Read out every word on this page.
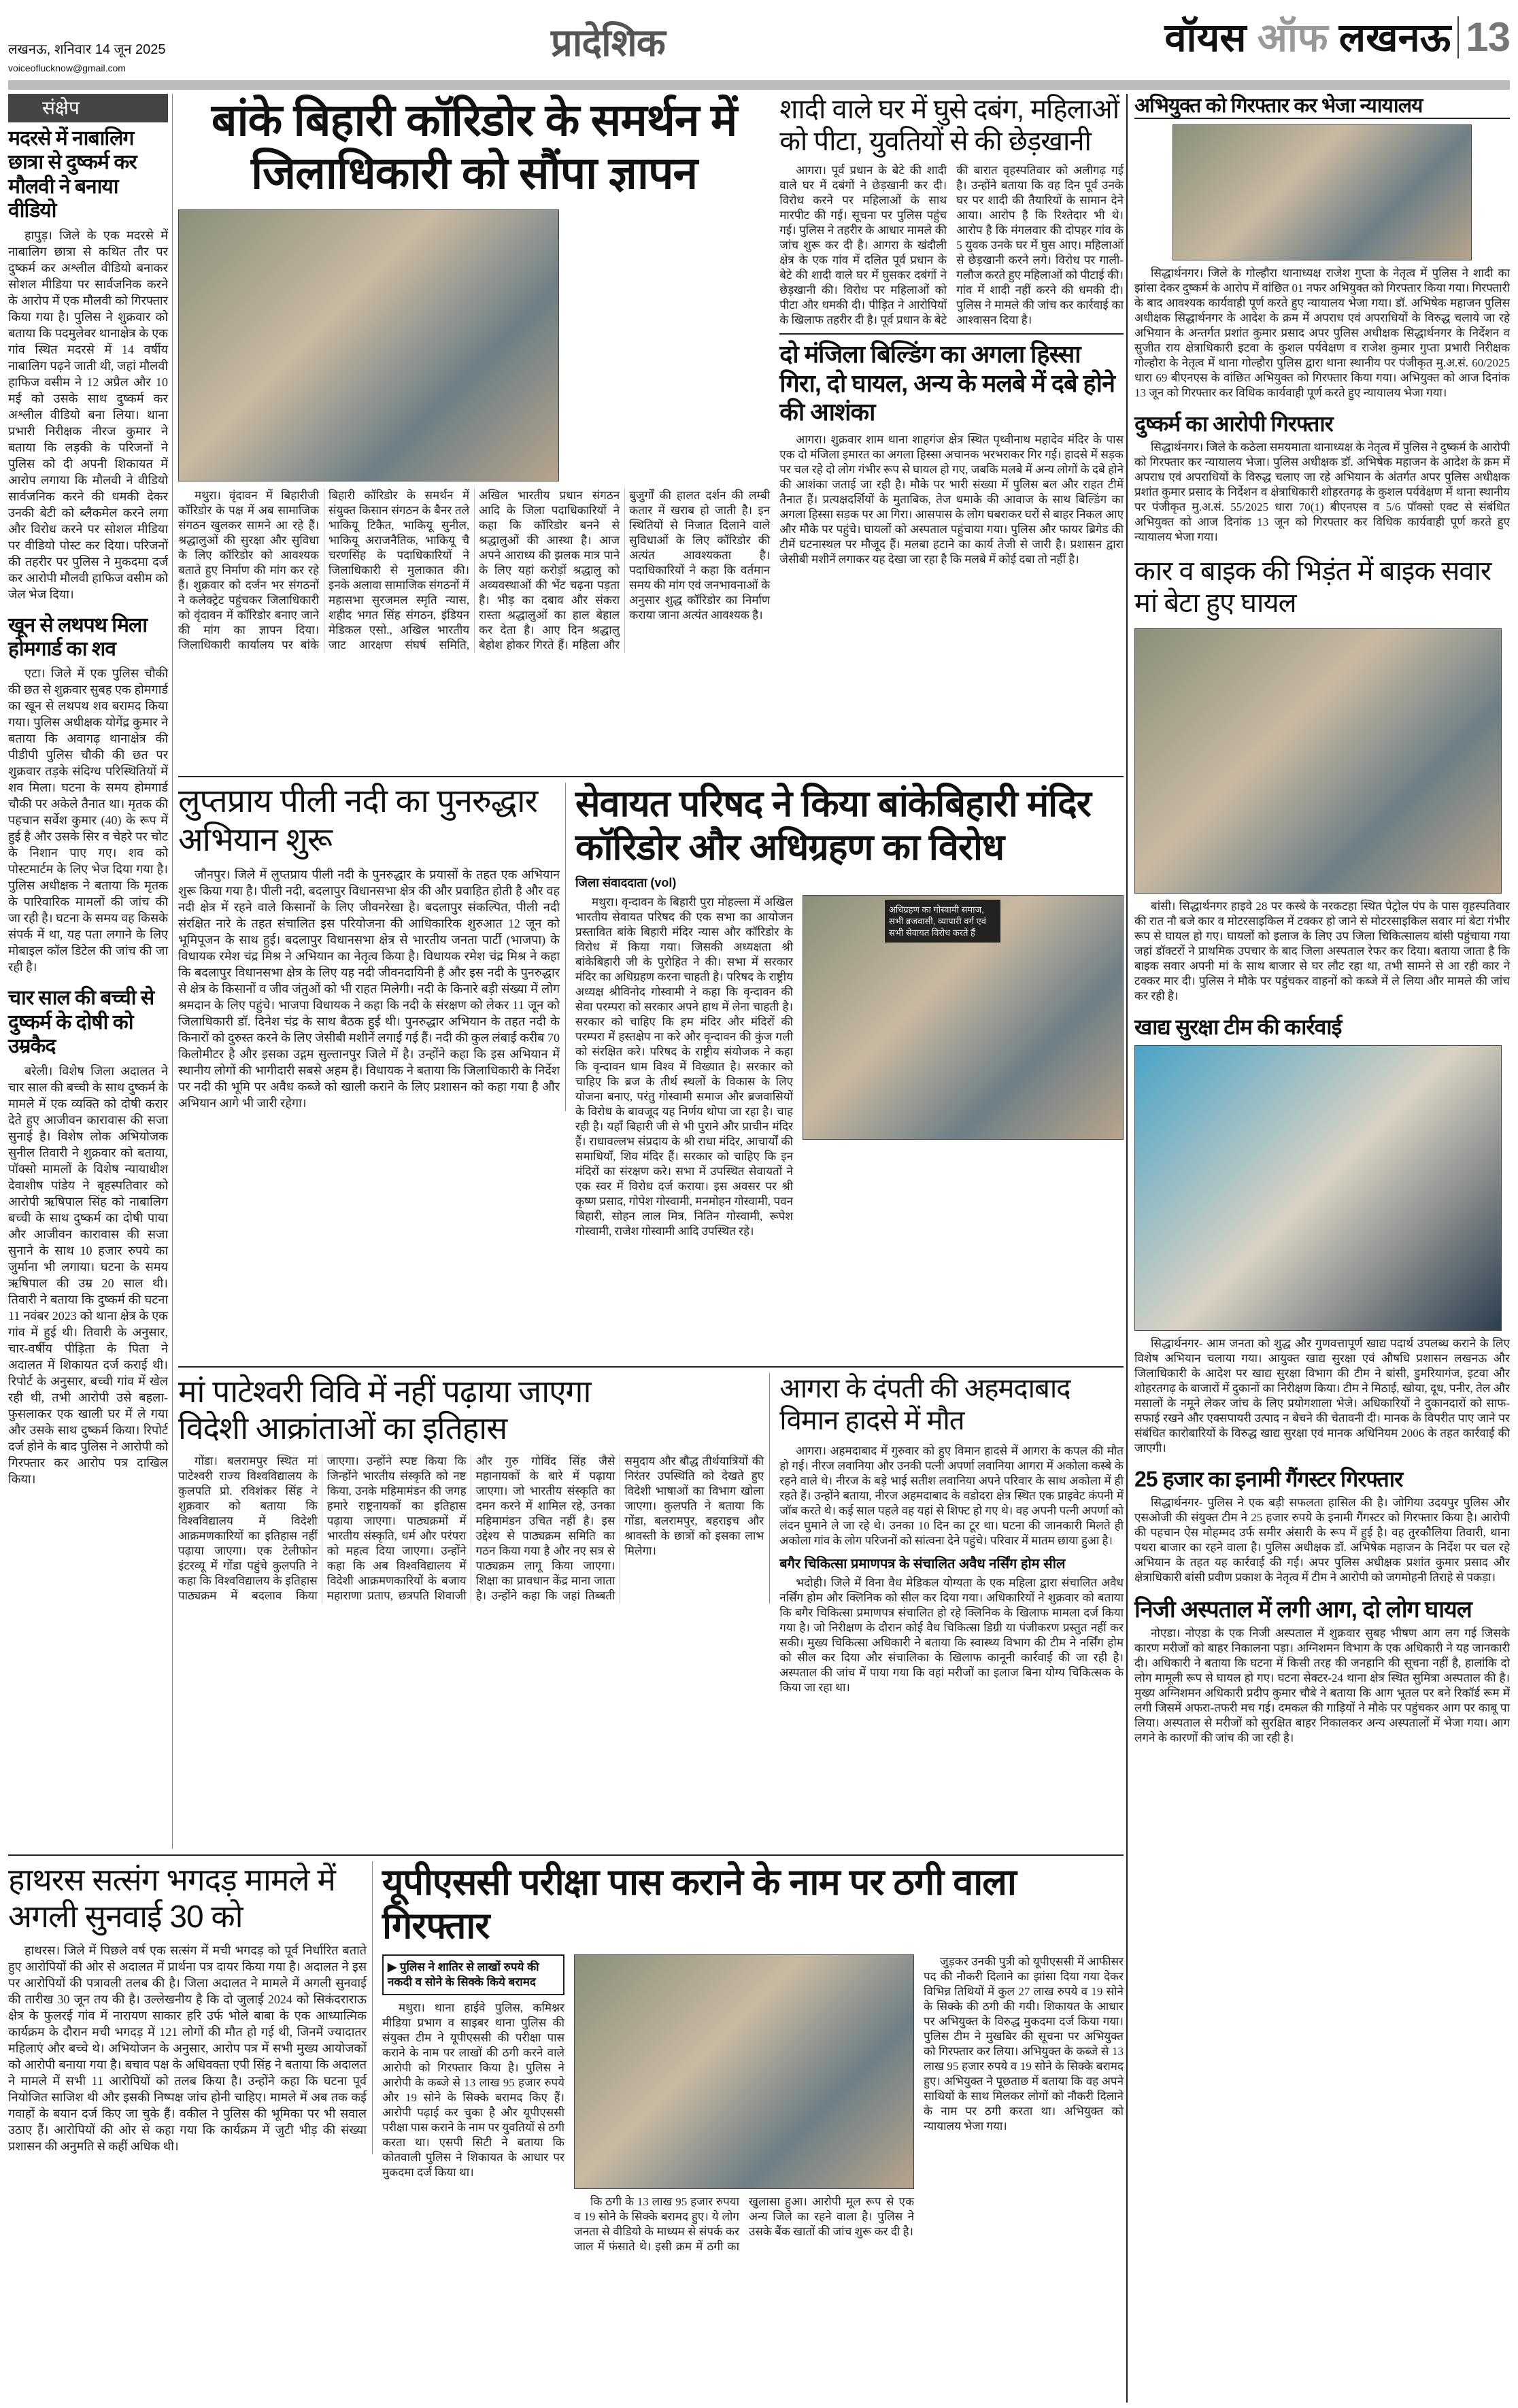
लखनऊ, शनिवार 14 जून 2025
voiceoflucknow@gmail.com
प्रादेशिक	वॉयस ऑफ लखनऊ 13
संक्षेप
मदरसे में नाबालिग छात्रा से दुष्कर्म कर मौलवी ने बनाया वीडियो

हापुड़। जिले के एक मदरसे में नाबालिग छात्रा से कथित तौर पर दुष्कर्म कर अश्लील वीडियो बनाकर सोशल मीडिया पर सार्वजनिक करने के आरोप में एक मौलवी को गिरफ्तार किया गया है। पुलिस ने शुक्रवार को बताया कि पदमुलेवर थानाक्षेत्र के एक गांव स्थित मदरसे में 14 वर्षीय नाबालिग पढ़ने जाती थी, जहां मौलवी हाफिज वसीम ने 12 अप्रैल और 10 मई को उसके साथ दुष्कर्म कर अश्लील वीडियो बना लिया। थाना प्रभारी निरीक्षक नीरज कुमार ने बताया कि लड़की के परिजनों ने पुलिस को दी अपनी शिकायत में आरोप लगाया कि मौलवी ने वीडियो सार्वजनिक करने की धमकी देकर उनकी बेटी को ब्लैकमेल करने लगा और विरोध करने पर सोशल मीडिया पर वीडियो पोस्ट कर दिया। परिजनों की तहरीर पर पुलिस ने मुकदमा दर्ज कर आरोपी मौलवी हाफिज वसीम को जेल भेज दिया।

खून से लथपथ मिला होमगार्ड का शव

एटा। जिले में एक पुलिस चौकी की छत से शुक्रवार सुबह एक होमगार्ड का खून से लथपथ शव बरामद किया गया। पुलिस अधीक्षक योगेंद्र कुमार ने बताया कि अवागढ़ थानाक्षेत्र की पीडीपी पुलिस चौकी की छत पर शुक्रवार तड़के संदिग्ध परिस्थितियों में शव मिला। घटना के समय होमगार्ड चौकी पर अकेले तैनात था। मृतक की पहचान सर्वेश कुमार (40) के रूप में हुई है और उसके सिर व चेहरे पर चोट के निशान पाए गए। शव को पोस्टमार्टम के लिए भेज दिया गया है। पुलिस अधीक्षक ने बताया कि मृतक के पारिवारिक मामलों की जांच की जा रही है। घटना के समय वह किसके संपर्क में था, यह पता लगाने के लिए मोबाइल कॉल डिटेल की जांच की जा रही है।

चार साल की बच्ची से दुष्कर्म के दोषी को उम्रकैद

बरेली। विशेष जिला अदालत ने चार साल की बच्ची के साथ दुष्कर्म के मामले में एक व्यक्ति को दोषी करार देते हुए आजीवन कारावास की सजा सुनाई है। विशेष लोक अभियोजक सुनील तिवारी ने शुक्रवार को बताया, पॉक्सो मामलों के विशेष न्यायाधीश देवाशीष पांडेय ने बृहस्पतिवार को आरोपी ऋषिपाल सिंह को नाबालिग बच्ची के साथ दुष्कर्म का दोषी पाया और आजीवन कारावास की सजा सुनाने के साथ 10 हजार रुपये का जुर्माना भी लगाया। घटना के समय ऋषिपाल की उम्र 20 साल थी। तिवारी ने बताया कि दुष्कर्म की घटना 11 नवंबर 2023 को थाना क्षेत्र के एक गांव में हुई थी। तिवारी के अनुसार, चार-वर्षीय पीड़िता के पिता ने अदालत में शिकायत दर्ज कराई थी। रिपोर्ट के अनुसार, बच्ची गांव में खेल रही थी, तभी आरोपी उसे बहला-फुसलाकर एक खाली घर में ले गया और उसके साथ दुष्कर्म किया। रिपोर्ट दर्ज होने के बाद पुलिस ने आरोपी को गिरफ्तार कर आरोप पत्र दाखिल किया।

बांके बिहारी कॉरिडोर के समर्थन में जिलाधिकारी को सौंपा ज्ञापन

मथुरा। वृंदावन में बिहारीजी कॉरिडोर के पक्ष में अब सामाजिक संगठन खुलकर सामने आ रहे हैं। श्रद्धालुओं की सुरक्षा और सुविधा के लिए कॉरिडोर को आवश्यक बताते हुए निर्माण की मांग कर रहे हैं। शुक्रवार को दर्जन भर संगठनों ने कलेक्ट्रेट पहुंचकर जिलाधिकारी को वृंदावन में कॉरिडोर बनाए जाने की मांग का ज्ञापन दिया। जिलाधिकारी कार्यालय पर बांके बिहारी कॉरिडोर के समर्थन में संयुक्त किसान संगठन के बैनर तले भाकियू टिकैत, भाकियू सुनील, भाकियू अराजनैतिक, भाकियू चै चरणसिंह के पदाधिकारियों ने जिलाधिकारी से मुलाकात की। इनके अलावा सामाजिक संगठनों में महासभा सुरजमल स्मृति न्यास, शहीद भगत सिंह संगठन, इंडियन मेडिकल एसो., अखिल भारतीय जाट आरक्षण संघर्ष समिति, अखिल भारतीय प्रधान संगठन आदि के जिला पदाधिकारियों ने कहा कि कॉरिडोर बनने से श्रद्धालुओं की आस्था है। आज अपने आराध्य की झलक मात्र पाने के लिए यहां करोड़ों श्रद्धालु को अव्यवस्थाओं की भेंट चढ़ना पड़ता है। भीड़ का दबाव और संकरा रास्ता श्रद्धालुओं का हाल बेहाल कर देता है। आए दिन श्रद्धालु बेहोश होकर गिरते हैं। महिला और बुजुर्गों की हालत दर्शन की लम्बी कतार में खराब हो जाती है। इन स्थितियों से निजात दिलाने वाले सुविधाओं के लिए कॉरिडोर की अत्यंत आवश्यकता है। पदाधिकारियों ने कहा कि वर्तमान समय की मांग एवं जनभावनाओं के अनुसार शुद्ध कॉरिडोर का निर्माण कराया जाना अत्यंत आवश्यक है।

शादी वाले घर में घुसे दबंग, महिलाओं को पीटा, युवतियों से की छेड़खानी

आगरा। पूर्व प्रधान के बेटे की शादी वाले घर में दबंगों ने छेड़खानी कर दी। विरोध करने पर महिलाओं के साथ मारपीट की गई। सूचना पर पुलिस पहुंच गई। पुलिस ने तहरीर के आधार मामले की जांच शुरू कर दी है। आगरा के खंदौली क्षेत्र के एक गांव में दलित पूर्व प्रधान के बेटे की शादी वाले घर में घुसकर दबंगों ने छेड़खानी की। विरोध पर महिलाओं को पीटा और धमकी दी। पीड़ित ने आरोपियों के खिलाफ तहरीर दी है। पूर्व प्रधान के बेटे की बारात वृहस्पतिवार को अलीगढ़ गई है। उन्होंने बताया कि वह दिन पूर्व उनके घर पर शादी की तैयारियों के सामान देने आया। आरोप है कि रिश्तेदार भी थे। आरोप है कि मंगलवार की दोपहर गांव के 5 युवक उनके घर में घुस आए। महिलाओं से छेड़खानी करने लगे। विरोध पर गाली-गलौज करते हुए महिलाओं को पीटाई की। गांव में शादी नहीं करने की धमकी दी। पुलिस ने मामले की जांच कर कार्रवाई का आश्वासन दिया है।

दो मंजिला बिल्डिंग का अगला हिस्सा गिरा, दो घायल, अन्य के मलबे में दबे होने की आशंका

आगरा। शुक्रवार शाम थाना शाहगंज क्षेत्र स्थित पृथ्वीनाथ महादेव मंदिर के पास एक दो मंजिला इमारत का अगला हिस्सा अचानक भरभराकर गिर गई। हादसे में सड़क पर चल रहे दो लोग गंभीर रूप से घायल हो गए, जबकि मलबे में अन्य लोगों के दबे होने की आशंका जताई जा रही है। मौके पर भारी संख्या में पुलिस बल और राहत टीमें तैनात हैं। प्रत्यक्षदर्शियों के मुताबिक, तेज धमाके की आवाज के साथ बिल्डिंग का अगला हिस्सा सड़क पर आ गिरा। आसपास के लोग घबराकर घरों से बाहर निकल आए और मौके पर पहुंचे। घायलों को अस्पताल पहुंचाया गया। पुलिस और फायर ब्रिगेड की टीमें घटनास्थल पर मौजूद हैं। मलबा हटाने का कार्य तेजी से जारी है। प्रशासन द्वारा जेसीबी मशीनें लगाकर यह देखा जा रहा है कि मलबे में कोई दबा तो नहीं है।

लुप्तप्राय पीली नदी का पुनरुद्धार अभियान शुरू

जौनपुर। जिले में लुप्तप्राय पीली नदी के पुनरुद्धार के प्रयासों के तहत एक अभियान शुरू किया गया है। पीली नदी, बदलापुर विधानसभा क्षेत्र की और प्रवाहित होती है और वह नदी क्षेत्र में रहने वाले किसानों के लिए जीवनरेखा है। बदलापुर संकल्पित, पीली नदी संरक्षित नारे के तहत संचालित इस परियोजना की आधिकारिक शुरुआत 12 जून को भूमिपूजन के साथ हुई। बदलापुर विधानसभा क्षेत्र से भारतीय जनता पार्टी (भाजपा) के विधायक रमेश चंद्र मिश्र ने अभियान का नेतृत्व किया है। विधायक रमेश चंद्र मिश्र ने कहा कि बदलापुर विधानसभा क्षेत्र के लिए यह नदी जीवनदायिनी है और इस नदी के पुनरुद्धार से क्षेत्र के किसानों व जीव जंतुओं को भी राहत मिलेगी। नदी के किनारे बड़ी संख्या में लोग श्रमदान के लिए पहुंचे। भाजपा विधायक ने कहा कि नदी के संरक्षण को लेकर 11 जून को जिलाधिकारी डॉ. दिनेश चंद्र के साथ बैठक हुई थी। पुनरुद्धार अभियान के तहत नदी के किनारों को दुरुस्त करने के लिए जेसीबी मशीनें लगाई गई हैं। नदी की कुल लंबाई करीब 70 किलोमीटर है और इसका उद्गम सुल्तानपुर जिले में है। उन्होंने कहा कि इस अभियान में स्थानीय लोगों की भागीदारी सबसे अहम है। विधायक ने बताया कि जिलाधिकारी के निर्देश पर नदी की भूमि पर अवैध कब्जे को खाली कराने के लिए प्रशासन को कहा गया है और अभियान आगे भी जारी रहेगा।

सेवायत परिषद ने किया बांकेबिहारी मंदिर कॉरिडोर और अधिग्रहण का विरोध
जिला संवाददाता (vol)

मथुरा। वृन्दावन के बिहारी पुरा मोहल्ला में अखिल भारतीय सेवायत परिषद की एक सभा का आयोजन प्रस्तावित बांके बिहारी मंदिर न्यास और कॉरिडोर के विरोध में किया गया। जिसकी अध्यक्षता श्री बांकेबिहारी जी के पुरोहित ने की। सभा में सरकार मंदिर का अधिग्रहण करना चाहती है। परिषद के राष्ट्रीय अध्यक्ष श्रीविनोद गोस्वामी ने कहा कि वृन्दावन की सेवा परम्परा को सरकार अपने हाथ में लेना चाहती है। सरकार को चाहिए कि हम मंदिर और मंदिरों की परम्परा में हस्तक्षेप ना करे और वृन्दावन की कुंज गली को संरक्षित करे। परिषद के राष्ट्रीय संयोजक ने कहा कि वृन्दावन धाम विश्व में विख्यात है। सरकार को चाहिए कि ब्रज के तीर्थ स्थलों के विकास के लिए योजना बनाए, परंतु गोस्वामी समाज और ब्रजवासियों के विरोध के बावजूद यह निर्णय थोपा जा रहा है। चाह रही है। यहाँ बिहारी जी से भी पुराने और प्राचीन मंदिर हैं। राधावल्लभ संप्रदाय के श्री राधा मंदिर, आचार्यों की समाधियाँ, शिव मंदिर हैं। सरकार को चाहिए कि इन मंदिरों का संरक्षण करे। सभा में उपस्थित सेवायतों ने एक स्वर में विरोध दर्ज कराया। इस अवसर पर श्री कृष्ण प्रसाद, गोपेश गोस्वामी, मनमोहन गोस्वामी, पवन बिहारी, सोहन लाल मित्र, नितिन गोस्वामी, रूपेश गोस्वामी, राजेश गोस्वामी आदि उपस्थित रहे।

अधिग्रहण का गोस्वामी समाज, सभी ब्रजवासी, व्यापारी वर्ग एवं सभी सेवायत विरोध करते हैं
मां पाटेश्वरी विवि में नहीं पढ़ाया जाएगा
विदेशी आक्रांताओं का इतिहास

गोंडा। बलरामपुर स्थित मां पाटेश्वरी राज्य विश्वविद्यालय के कुलपति प्रो. रविशंकर सिंह ने शुक्रवार को बताया कि विश्वविद्यालय में विदेशी आक्रमणकारियों का इतिहास नहीं पढ़ाया जाएगा। एक टेलीफोन इंटरव्यू में गोंडा पहुंचे कुलपति ने कहा कि विश्वविद्यालय के इतिहास पाठ्यक्रम में बदलाव किया जाएगा। उन्होंने स्पष्ट किया कि जिन्होंने भारतीय संस्कृति को नष्ट किया, उनके महिमामंडन की जगह हमारे राष्ट्रनायकों का इतिहास पढ़ाया जाएगा। पाठ्यक्रमों में भारतीय संस्कृति, धर्म और परंपरा को महत्व दिया जाएगा। उन्होंने कहा कि अब विश्वविद्यालय में विदेशी आक्रमणकारियों के बजाय महाराणा प्रताप, छत्रपति शिवाजी और गुरु गोविंद सिंह जैसे महानायकों के बारे में पढ़ाया जाएगा। जो भारतीय संस्कृति का दमन करने में शामिल रहे, उनका महिमामंडन उचित नहीं है। इस उद्देश्य से पाठ्यक्रम समिति का गठन किया गया है और नए सत्र से पाठ्यक्रम लागू किया जाएगा। शिक्षा का प्रावधान केंद्र माना जाता है। उन्होंने कहा कि जहां तिब्बती समुदाय और बौद्ध तीर्थयात्रियों की निरंतर उपस्थिति को देखते हुए विदेशी भाषाओं का विभाग खोला जाएगा। कुलपति ने बताया कि गोंडा, बलरामपुर, बहराइच और श्रावस्ती के छात्रों को इसका लाभ मिलेगा।

आगरा के दंपती की अहमदाबाद विमान हादसे में मौत

आगरा। अहमदाबाद में गुरुवार को हुए विमान हादसे में आगरा के कपल की मौत हो गई। नीरज लवानिया और उनकी पत्नी अपर्णा लवानिया आगरा में अकोला कस्बे के रहने वाले थे। नीरज के बड़े भाई सतीश लवानिया अपने परिवार के साथ अकोला में ही रहते हैं। उन्होंने बताया, नीरज अहमदाबाद के वडोदरा क्षेत्र स्थित एक प्राइवेट कंपनी में जॉब करते थे। कई साल पहले वह यहां से शिफ्ट हो गए थे। वह अपनी पत्नी अपर्णा को लंदन घुमाने ले जा रहे थे। उनका 10 दिन का टूर था। घटना की जानकारी मिलते ही अकोला गांव के लोग परिजनों को सांत्वना देने पहुंचे। परिवार में मातम छाया हुआ है।

बगैर चिकित्सा प्रमाणपत्र के संचालित अवैध नर्सिंग होम सील

भदोही। जिले में विना वैध मेडिकल योग्यता के एक महिला द्वारा संचालित अवैध नर्सिंग होम और क्लिनिक को सील कर दिया गया। अधिकारियों ने शुक्रवार को बताया कि बगैर चिकित्सा प्रमाणपत्र संचालित हो रहे क्लिनिक के खिलाफ मामला दर्ज किया गया है। जो निरीक्षण के दौरान कोई वैध चिकित्सा डिग्री या पंजीकरण प्रस्तुत नहीं कर सकी। मुख्य चिकित्सा अधिकारी ने बताया कि स्वास्थ्य विभाग की टीम ने नर्सिंग होम को सील कर दिया और संचालिका के खिलाफ कानूनी कार्रवाई की जा रही है। अस्पताल की जांच में पाया गया कि वहां मरीजों का इलाज बिना योग्य चिकित्सक के किया जा रहा था।

हाथरस सत्संग भगदड़ मामले में अगली सुनवाई 30 को

हाथरस। जिले में पिछले वर्ष एक सत्संग में मची भगदड़ को पूर्व निर्धारित बताते हुए आरोपियों की ओर से अदालत में प्रार्थना पत्र दायर किया गया है। अदालत ने इस पर आरोपियों की पत्रावली तलब की है। जिला अदालत ने मामले में अगली सुनवाई की तारीख 30 जून तय की है। उल्लेखनीय है कि दो जुलाई 2024 को सिकंदराराऊ क्षेत्र के फुलरई गांव में नारायण साकार हरि उर्फ भोले बाबा के एक आध्यात्मिक कार्यक्रम के दौरान मची भगदड़ में 121 लोगों की मौत हो गई थी, जिनमें ज्यादातर महिलाएं और बच्चे थे। अभियोजन के अनुसार, आरोप पत्र में सभी मुख्य आयोजकों को आरोपी बनाया गया है। बचाव पक्ष के अधिवक्ता एपी सिंह ने बताया कि अदालत ने मामले में सभी 11 आरोपियों को तलब किया है। उन्होंने कहा कि घटना पूर्व नियोजित साजिश थी और इसकी निष्पक्ष जांच होनी चाहिए। मामले में अब तक कई गवाहों के बयान दर्ज किए जा चुके हैं। वकील ने पुलिस की भूमिका पर भी सवाल उठाए हैं। आरोपियों की ओर से कहा गया कि कार्यक्रम में जुटी भीड़ की संख्या प्रशासन की अनुमति से कहीं अधिक थी।

यूपीएससी परीक्षा पास कराने के नाम पर ठगी वाला गिरफ्तार
▶ पुलिस ने शातिर से लाखों रुपये की नकदी व सोने के सिक्के किये बरामद

मथुरा। थाना हाईवे पुलिस, कमिश्नर मीडिया प्रभाग व साइबर थाना पुलिस की संयुक्त टीम ने यूपीएससी की परीक्षा पास कराने के नाम पर लाखों की ठगी करने वाले आरोपी को गिरफ्तार किया है। पुलिस ने आरोपी के कब्जे से 13 लाख 95 हजार रुपये और 19 सोने के सिक्के बरामद किए हैं। आरोपी पढ़ाई कर चुका है और यूपीएससी परीक्षा पास कराने के नाम पर युवतियों से ठगी करता था। एसपी सिटी ने बताया कि कोतवाली पुलिस ने शिकायत के आधार पर मुकदमा दर्ज किया था।

कि ठगी के 13 लाख 95 हजार रुपया व 19 सोने के सिक्के बरामद हुए। ये लोग जनता से वीडियो के माध्यम से संपर्क कर जाल में फंसाते थे। इसी क्रम में ठगी का खुलासा हुआ। आरोपी मूल रूप से एक अन्य जिले का रहने वाला है। पुलिस ने उसके बैंक खातों की जांच शुरू कर दी है।

जुड़कर उनकी पुत्री को यूपीएससी में आफीसर पद की नौकरी दिलाने का झांसा दिया गया देकर विभिन्न तिथियों में कुल 27 लाख रुपये व 19 सोने के सिक्के की ठगी की गयी। शिकायत के आधार पर अभियुक्त के विरुद्ध मुकदमा दर्ज किया गया। पुलिस टीम ने मुखबिर की सूचना पर अभियुक्त को गिरफ्तार कर लिया। अभियुक्त के कब्जे से 13 लाख 95 हजार रुपये व 19 सोने के सिक्के बरामद हुए। अभियुक्त ने पूछताछ में बताया कि वह अपने साथियों के साथ मिलकर लोगों को नौकरी दिलाने के नाम पर ठगी करता था। अभियुक्त को न्यायालय भेजा गया।

अभियुक्त को गिरफ्तार कर भेजा न्यायालय

सिद्धार्थनगर। जिले के गोल्हौरा थानाध्यक्ष राजेश गुप्ता के नेतृत्व में पुलिस ने शादी का झांसा देकर दुष्कर्म के आरोप में वांछित 01 नफर अभियुक्त को गिरफ्तार किया गया। गिरफ्तारी के बाद आवश्यक कार्यवाही पूर्ण करते हुए न्यायालय भेजा गया। डॉ. अभिषेक महाजन पुलिस अधीक्षक सिद्धार्थनगर के आदेश के क्रम में अपराध एवं अपराधियों के विरुद्ध चलाये जा रहे अभियान के अन्तर्गत प्रशांत कुमार प्रसाद अपर पुलिस अधीक्षक सिद्धार्थनगर के निर्देशन व सुजीत राय क्षेत्राधिकारी इटवा के कुशल पर्यवेक्षण व राजेश कुमार गुप्ता प्रभारी निरीक्षक गोल्हौरा के नेतृत्व में थाना गोल्हौरा पुलिस द्वारा थाना स्थानीय पर पंजीकृत मु.अ.सं. 60/2025 धारा 69 बीएनएस के वांछित अभियुक्त को गिरफ्तार किया गया। अभियुक्त को आज दिनांक 13 जून को गिरफ्तार कर विधिक कार्यवाही पूर्ण करते हुए न्यायालय भेजा गया।

दुष्कर्म का आरोपी गिरफ्तार

सिद्धार्थनगर। जिले के कठेला समयमाता थानाध्यक्ष के नेतृत्व में पुलिस ने दुष्कर्म के आरोपी को गिरफ्तार कर न्यायालय भेजा। पुलिस अधीक्षक डॉ. अभिषेक महाजन के आदेश के क्रम में अपराध एवं अपराधियों के विरुद्ध चलाए जा रहे अभियान के अंतर्गत अपर पुलिस अधीक्षक प्रशांत कुमार प्रसाद के निर्देशन व क्षेत्राधिकारी शोहरतगढ़ के कुशल पर्यवेक्षण में थाना स्थानीय पर पंजीकृत मु.अ.सं. 55/2025 धारा 70(1) बीएनएस व 5/6 पॉक्सो एक्ट से संबंधित अभियुक्त को आज दिनांक 13 जून को गिरफ्तार कर विधिक कार्यवाही पूर्ण करते हुए न्यायालय भेजा गया।

कार व बाइक की भिड़ंत में बाइक सवार मां बेटा हुए घायल

बांसी। सिद्धार्थनगर हाइवे 28 पर कस्बे के नरकटहा स्थित पेट्रोल पंप के पास वृहस्पतिवार की रात नौ बजे कार व मोटरसाइकिल में टक्कर हो जाने से मोटरसाइकिल सवार मां बेटा गंभीर रूप से घायल हो गए। घायलों को इलाज के लिए उप जिला चिकित्सालय बांसी पहुंचाया गया जहां डॉक्टरों ने प्राथमिक उपचार के बाद जिला अस्पताल रेफर कर दिया। बताया जाता है कि बाइक सवार अपनी मां के साथ बाजार से घर लौट रहा था, तभी सामने से आ रही कार ने टक्कर मार दी। पुलिस ने मौके पर पहुंचकर वाहनों को कब्जे में ले लिया और मामले की जांच कर रही है।

खाद्य सुरक्षा टीम की कार्रवाई

सिद्धार्थनगर- आम जनता को शुद्ध और गुणवत्तापूर्ण खाद्य पदार्थ उपलब्ध कराने के लिए विशेष अभियान चलाया गया। आयुक्त खाद्य सुरक्षा एवं औषधि प्रशासन लखनऊ और जिलाधिकारी के आदेश पर खाद्य सुरक्षा विभाग की टीम ने बांसी, डुमरियागंज, इटवा और शोहरतगढ़ के बाजारों में दुकानों का निरीक्षण किया। टीम ने मिठाई, खोया, दूध, पनीर, तेल और मसालों के नमूने लेकर जांच के लिए प्रयोगशाला भेजे। अधिकारियों ने दुकानदारों को साफ-सफाई रखने और एक्सपायरी उत्पाद न बेचने की चेतावनी दी। मानक के विपरीत पाए जाने पर संबंधित कारोबारियों के विरुद्ध खाद्य सुरक्षा एवं मानक अधिनियम 2006 के तहत कार्रवाई की जाएगी।

25 हजार का इनामी गैंगस्टर गिरफ्तार

सिद्धार्थनगर- पुलिस ने एक बड़ी सफलता हासिल की है। जोगिया उदयपुर पुलिस और एसओजी की संयुक्त टीम ने 25 हजार रुपये के इनामी गैंगस्टर को गिरफ्तार किया है। आरोपी की पहचान ऐस मोहम्मद उर्फ समीर अंसारी के रूप में हुई है। वह तुरकौलिया तिवारी, थाना पथरा बाजार का रहने वाला है। पुलिस अधीक्षक डॉ. अभिषेक महाजन के निर्देश पर चल रहे अभियान के तहत यह कार्रवाई की गई। अपर पुलिस अधीक्षक प्रशांत कुमार प्रसाद और क्षेत्राधिकारी बांसी प्रवीण प्रकाश के नेतृत्व में टीम ने आरोपी को जगमोहनी तिराहे से पकड़ा।

निजी अस्पताल में लगी आग, दो लोग घायल

नोएडा। नोएडा के एक निजी अस्पताल में शुक्रवार सुबह भीषण आग लग गई जिसके कारण मरीजों को बाहर निकालना पड़ा। अग्निशमन विभाग के एक अधिकारी ने यह जानकारी दी। अधिकारी ने बताया कि घटना में किसी तरह की जनहानि की सूचना नहीं है, हालांकि दो लोग मामूली रूप से घायल हो गए। घटना सेक्टर-24 थाना क्षेत्र स्थित सुमित्रा अस्पताल की है। मुख्य अग्निशमन अधिकारी प्रदीप कुमार चौबे ने बताया कि आग भूतल पर बने रिकॉर्ड रूम में लगी जिसमें अफरा-तफरी मच गई। दमकल की गाड़ियों ने मौके पर पहुंचकर आग पर काबू पा लिया। अस्पताल से मरीजों को सुरक्षित बाहर निकालकर अन्य अस्पतालों में भेजा गया। आग लगने के कारणों की जांच की जा रही है।
